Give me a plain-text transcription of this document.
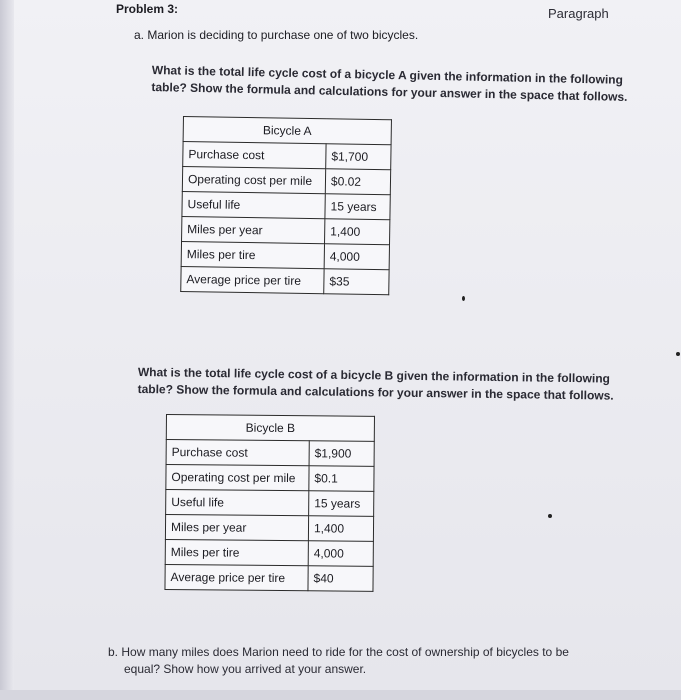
Problem 3:	Paragraph
a. Marion is deciding to purchase one of two bicycles.
What is the total life cycle cost of a bicycle A given the information in the following
table? Show the formula and calculations for your answer in the space that follows.
Bicycle A	
Purchase cost	$1,700
Operating cost per mile	$0.02
Useful life	15 years
Miles per year	1,400
Miles per tire	4,000
Average price per tire	$35
What is the total life cycle cost of a bicycle B given the information in the following
table? Show the formula and calculations for your answer in the space that follows.
Bicycle B	
Purchase cost	$1,900
Operating cost per mile	$0.1
Useful life	15 years
Miles per year	1,400
Miles per tire	4,000
Average price per tire	$40
b. How many miles does Marion need to ride for the cost of ownership of bicycles to be
equal? Show how you arrived at your answer.
